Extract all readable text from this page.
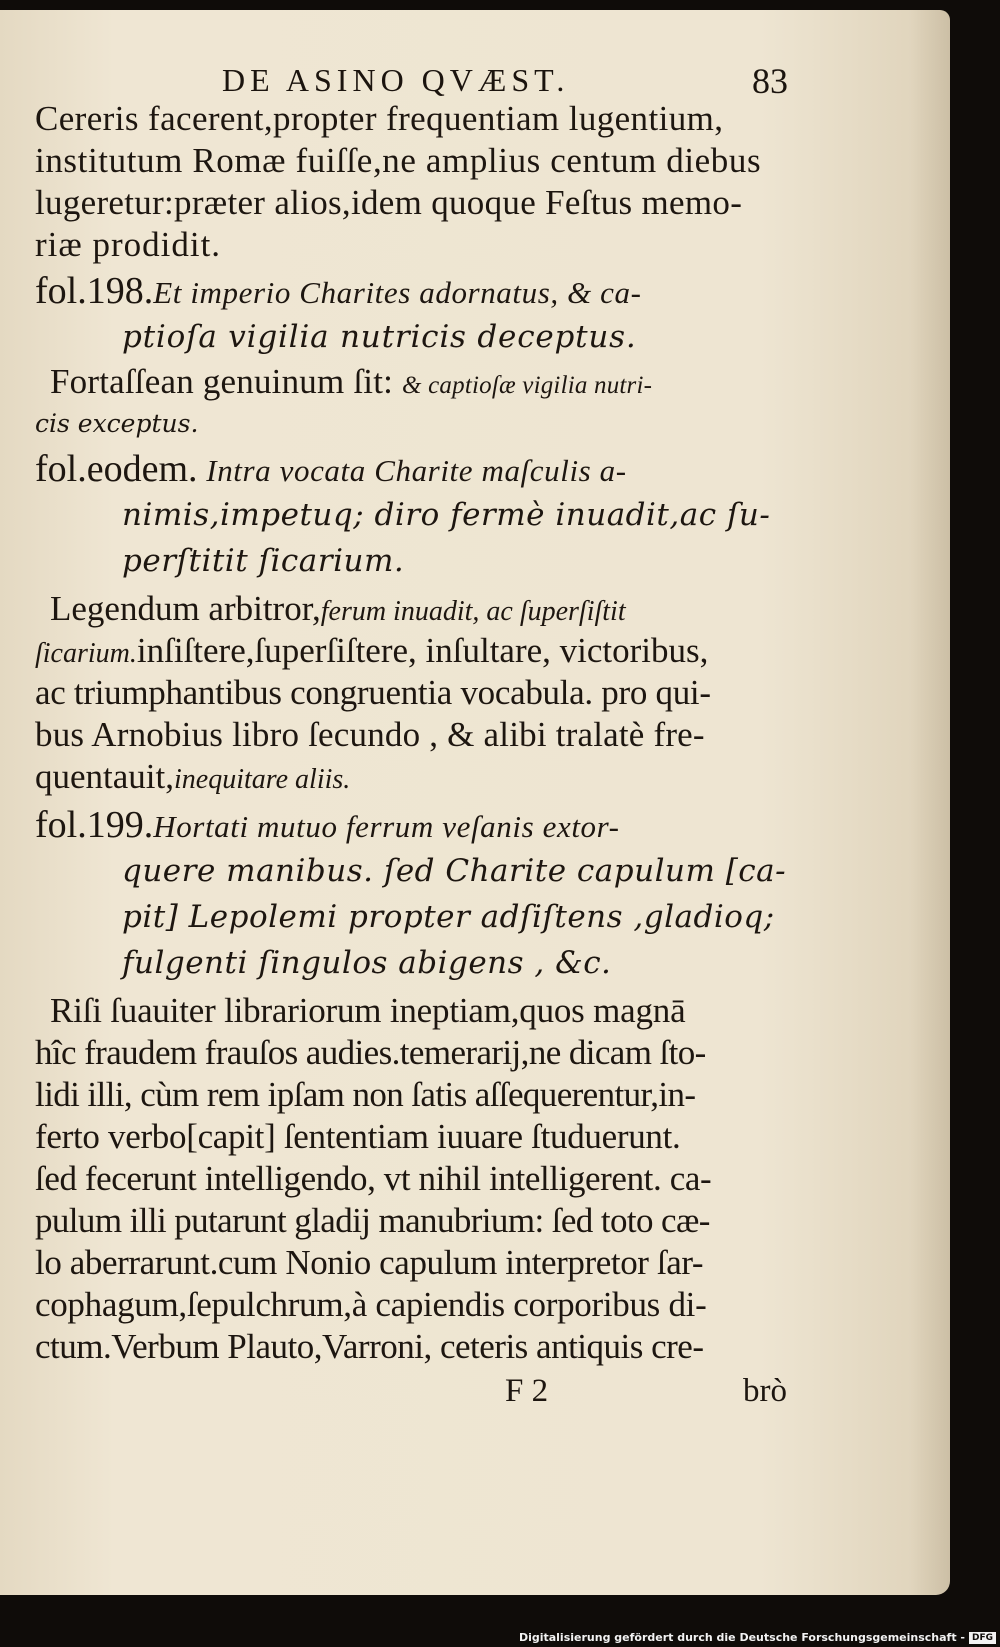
DE ASINO QVÆST.	83
Cereris facerent,propter frequentiam lugentium,
institutum Romæ fuiſſe,ne amplius centum diebus
lugeretur:præter alios,idem quoque Feſtus memo-
riæ prodidit.
fol.198.Et imperio Charites adornatus, & ca-
ptioſa vigilia nutricis deceptus.
Fortaſſean genuinum ſit: & captioſæ vigilia nutri-
cis exceptus.
fol.eodem. Intra vocata Charite maſculis a-
nimis,impetuq; diro fermè inuadit,ac ſu-
perſtitit ſicarium.
Legendum arbitror,ferum inuadit, ac ſuperſiſtit
ſicarium.inſiſtere,ſuperſiſtere, inſultare, victoribus,
ac triumphantibus congruentia vocabula. pro qui-
bus Arnobius libro ſecundo , & alibi tralatè fre-
quentauit,inequitare aliis.
fol.199.Hortati mutuo ferrum veſanis extor-
quere manibus. ſed Charite capulum [ca-
pit] Lepolemi propter adſiſtens ,gladioq;
fulgenti ſingulos abigens , &c.
Riſi ſuauiter librariorum ineptiam,quos magnā
hîc fraudem frauſos audies.temerarij,ne dicam ſto-
lidi illi, cùm rem ipſam non ſatis aſſequerentur,in-
ferto verbo[capit] ſententiam iuuare ſtuduerunt.
ſed fecerunt intelligendo, vt nihil intelligerent. ca-
pulum illi putarunt gladij manubrium: ſed toto cæ-
lo aberrarunt.cum Nonio capulum interpretor ſar-
cophagum,ſepulchrum,à capiendis corporibus di-
ctum.Verbum Plauto,Varroni, ceteris antiquis cre-
F 2	brò
Digitalisierung gefördert durch die Deutsche Forschungsgemeinschaft - DFG
